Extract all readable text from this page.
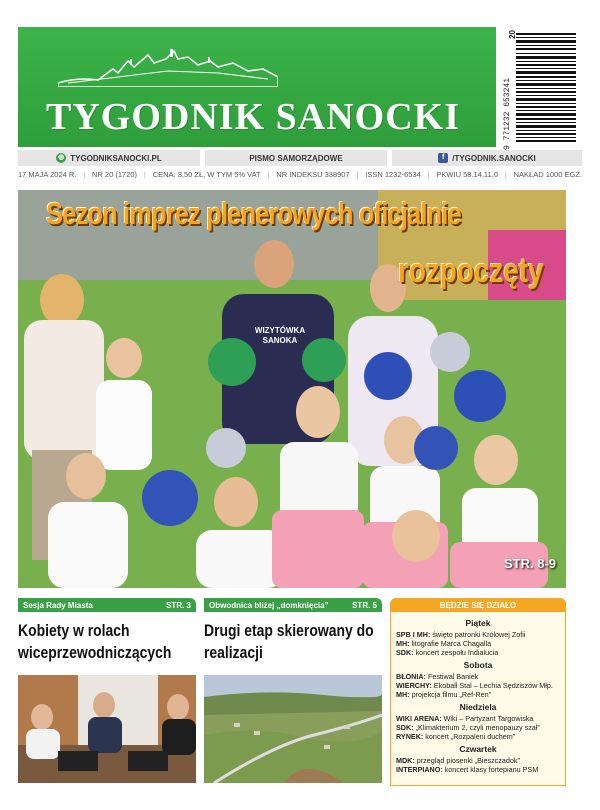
TYGODNIK SANOCKI
20
9 771232 653241
◍ TYGODNIKSANOCKI.PL	PISMO SAMORZĄDOWE	f /TYGODNIK.SANOCKI
17 MAJA 2024 R. | NR 20 (1720) | CENA: 3,50 ZŁ, W TYM 5% VAT | NR INDEKSU 338907 | ISSN 1232-6534 | PKWIU 58.14.11.0 | NAKŁAD 1000 EGZ.
Sezon imprez plenerowych oficjalnie
rozpoczęty
WIZYTÓWKA SANOKA
STR. 8-9
Sesja Rady Miasta	STR. 3
Kobiety w rolach wiceprzewodniczących
Obwodnica bliżej „domknięcia”	STR. 5
Drugi etap skierowany do realizacji
BĘDZIE SIĘ DZIAŁO
Piątek
SPB I MH: święto patronki Królowej Zofii
MH: litografie Marca Chagalla
SDK: koncert zespołu Indialucia
Sobota
BŁONIA: Festiwal Baniek
WIERCHY: Ekoball Stal – Lechia Sędziszów Młp.
MH: projekcja filmu „Ref-Ren”
Niedziela
WIKI ARENA: Wiki – Partyzant Targowiska
SDK: „Klimakterium 2, czyli menopauzy szał”
RYNEK: koncert „Rozpaleni duchem”
Czwartek
MDK: przegląd piosenki „Bieszczadok”
INTERPIANO: koncert klasy fortepianu PSM
